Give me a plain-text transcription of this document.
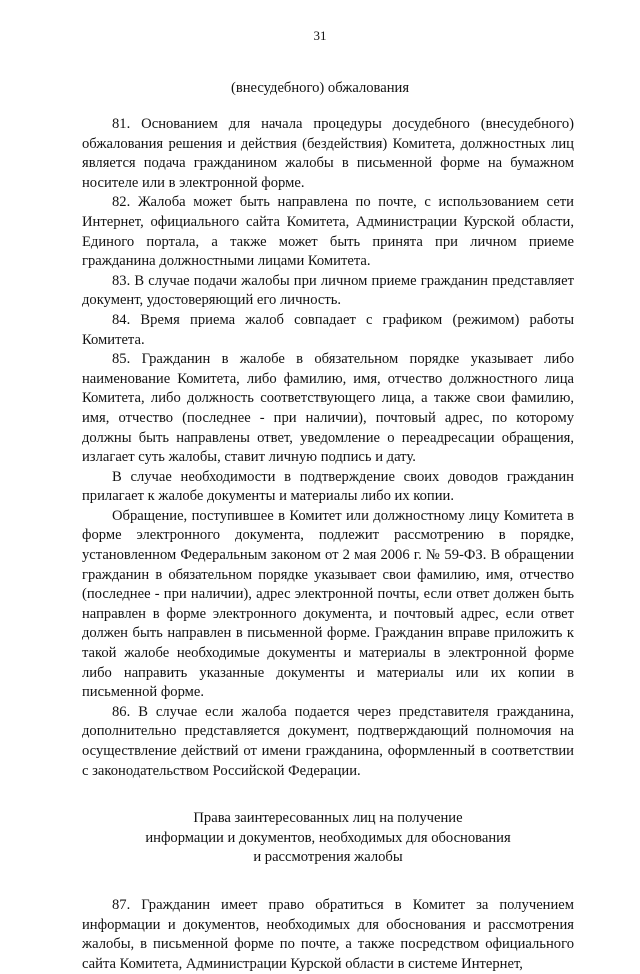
31
(внесудебного) обжалования

81. Основанием для начала процедуры досудебного (внесудебного) обжалования решения и действия (бездействия) Комитета, должностных лиц является подача гражданином жалобы в письменной форме на бумажном носителе или в электронной форме.

82. Жалоба может быть направлена по почте, с использованием сети Интернет, официального сайта Комитета, Администрации Курской области, Единого портала, а также может быть принята при личном приеме гражданина должностными лицами Комитета.

83. В случае подачи жалобы при личном приеме гражданин представляет документ, удостоверяющий его личность.

84. Время приема жалоб совпадает с графиком (режимом) работы Комитета.

85. Гражданин в жалобе в обязательном порядке указывает либо наименование Комитета, либо фамилию, имя, отчество должностного лица Комитета, либо должность соответствующего лица, а также свои фамилию, имя, отчество (последнее - при наличии), почтовый адрес, по которому должны быть направлены ответ, уведомление о переадресации обращения, излагает суть жалобы, ставит личную подпись и дату.

В случае необходимости в подтверждение своих доводов гражданин прилагает к жалобе документы и материалы либо их копии.

Обращение, поступившее в Комитет или должностному лицу Комитета в форме электронного документа, подлежит рассмотрению в порядке, установленном Федеральным законом от 2 мая 2006 г. № 59-ФЗ. В обращении гражданин в обязательном порядке указывает свои фамилию, имя, отчество (последнее - при наличии), адрес электронной почты, если ответ должен быть направлен в форме электронного документа, и почтовый адрес, если ответ должен быть направлен в письменной форме. Гражданин вправе приложить к такой жалобе необходимые документы и материалы в электронной форме либо направить указанные документы и материалы или их копии в письменной форме.

86. В случае если жалоба подается через представителя гражданина, дополнительно представляется документ, подтверждающий полномочия на осуществление действий от имени гражданина, оформленный в соответствии с законодательством Российской Федерации.

Права заинтересованных лиц на получение
информации и документов, необходимых для обоснования
и рассмотрения жалобы

87. Гражданин имеет право обратиться в Комитет за получением информации и документов, необходимых для обоснования и рассмотрения жалобы, в письменной форме по почте, а также посредством официального сайта Комитета, Администрации Курской области в системе Интернет,
